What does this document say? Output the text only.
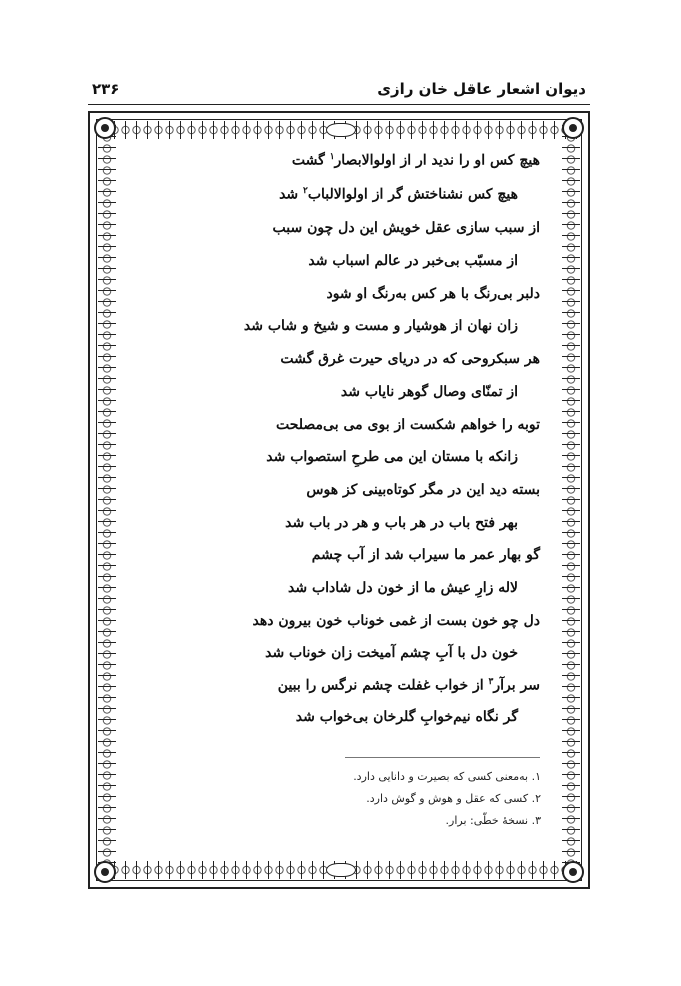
دیوان اشعار عاقل خان رازی
۲۳۶
هیچ کس او را ندید ار از اولوالابصار$^۱$ گشت
هیچ کس نشناختش گر از اولوالالباب$^۲$ شد
از سبب سازی عقل خویش این دل چون سبب
از مسبّب بی‌خبر در عالم اسباب شد
دلبر بی‌رنگ با هر کس به‌رنگ او شود
زان نهان از هوشیار و مست و شیخ و شاب شد
هر سبکروحی که در دریای حیرت غرق گشت
از تمنّای وصال گوهر نایاب شد
توبه را خواهم شکست از بوی می بی‌مصلحت
زانکه با مستان این می طرحِ استصواب شد
بسته دید این در مگر کوتاه‌بینی کز هوس
بهر فتح باب در هر باب و هر در باب شد
گو بهار عمر ما سیراب شد از آب چشم
لاله زارِ عیش ما از خون دل شاداب شد
دل چو خون بست از غمی خوناب خون بیرون دهد
خون دل با آبِ چشم آمیخت زان خوناب شد
سر برآر$^۳$ از خواب غفلت چشم نرگس را ببین
گر نگاه نیم‌خوابِ گلرخان بی‌خواب شد
۱. به‌معنی کسی که بصیرت و دانایی دارد.
۲. کسی که عقل و هوش و گوش دارد.
۳. نسخهٔ خطّی: برار.
